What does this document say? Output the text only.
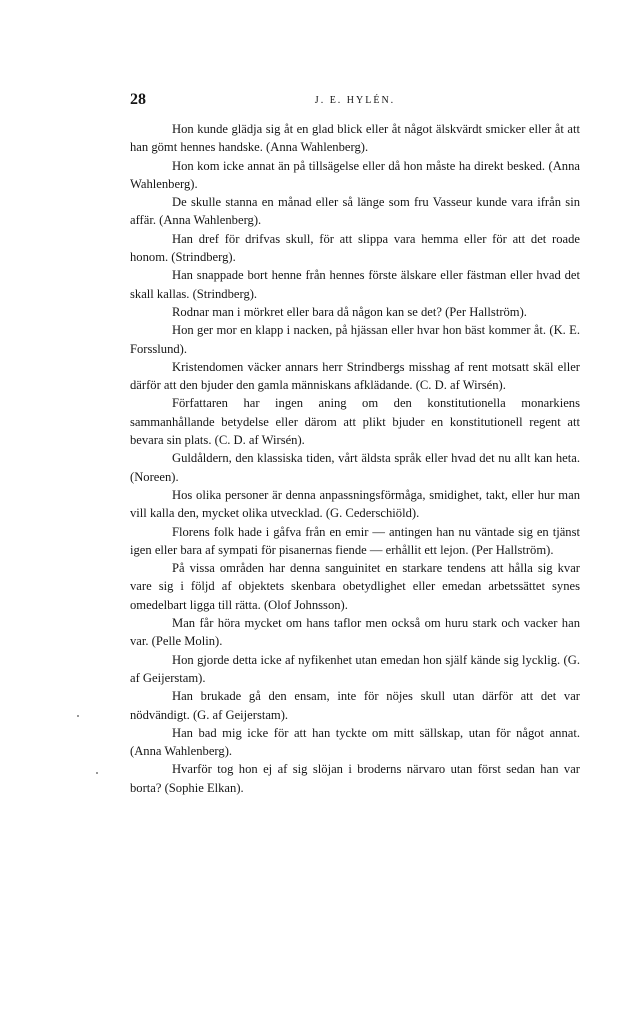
28	J. E. HYLÉN.

Hon kunde glädja sig åt en glad blick eller åt något älskvärdt smicker eller åt att han gömt hennes handske. (Anna Wahlenberg).

Hon kom icke annat än på tillsägelse eller då hon måste ha direkt besked. (Anna Wahlenberg).

De skulle stanna en månad eller så länge som fru Vasseur kunde vara ifrån sin affär. (Anna Wahlenberg).

Han dref för drifvas skull, för att slippa vara hemma eller för att det roade honom. (Strindberg).

Han snappade bort henne från hennes förste älskare eller fästman eller hvad det skall kallas. (Strindberg).

Rodnar man i mörkret eller bara då någon kan se det? (Per Hallström).

Hon ger mor en klapp i nacken, på hjässan eller hvar hon bäst kommer åt. (K. E. Forsslund).

Kristendomen väcker annars herr Strindbergs misshag af rent motsatt skäl eller därför att den bjuder den gamla människans afklädande. (C. D. af Wirsén).

Författaren har ingen aning om den konstitutionella monarkiens sammanhållande betydelse eller därom att plikt bjuder en konstitutionell regent att bevara sin plats. (C. D. af Wirsén).

Guldåldern, den klassiska tiden, vårt äldsta språk eller hvad det nu allt kan heta. (Noreen).

Hos olika personer är denna anpassningsförmåga, smidighet, takt, eller hur man vill kalla den, mycket olika utvecklad. (G. Cederschiöld).

Florens folk hade i gåfva från en emir — antingen han nu väntade sig en tjänst igen eller bara af sympati för pisanernas fiende — erhållit ett lejon. (Per Hallström).

På vissa områden har denna sanguinitet en starkare tendens att hålla sig kvar vare sig i följd af objektets skenbara obetydlighet eller emedan arbetssättet synes omedelbart ligga till rätta. (Olof Johnsson).

Man får höra mycket om hans taflor men också om huru stark och vacker han var. (Pelle Molin).

Hon gjorde detta icke af nyfikenhet utan emedan hon själf kände sig lycklig. (G. af Geijerstam).

Han brukade gå den ensam, inte för nöjes skull utan därför att det var nödvändigt. (G. af Geijerstam).

Han bad mig icke för att han tyckte om mitt sällskap, utan för något annat. (Anna Wahlenberg).

Hvarför tog hon ej af sig slöjan i broderns närvaro utan först sedan han var borta? (Sophie Elkan).
